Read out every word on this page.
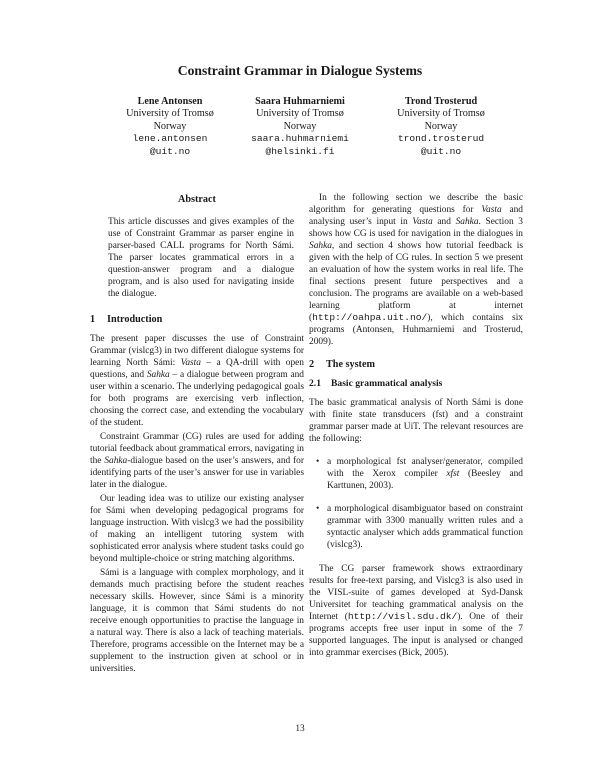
Constraint Grammar in Dialogue Systems
Lene Antonsen
University of Tromsø
Norway
lene.antonsen
@uit.no
Saara Huhmarniemi
University of Tromsø
Norway
saara.huhmarniemi
@helsinki.fi
Trond Trosterud
University of Tromsø
Norway
trond.trosterud
@uit.no
Abstract
This article discusses and gives examples of the use of Constraint Grammar as parser engine in parser-based CALL programs for North Sámi. The parser locates grammatical errors in a question-answer program and a dialogue program, and is also used for navigating inside the dialogue.
1 Introduction

The present paper discusses the use of Constraint Grammar (vislcg3) in two different dialogue systems for learning North Sámi: Vasta – a QA-drill with open questions, and Sahka – a dialogue between program and user within a scenario. The underlying pedagogical goals for both programs are exercising verb inflection, choosing the correct case, and extending the vocabulary of the student.

Constraint Grammar (CG) rules are used for adding tutorial feedback about grammatical errors, navigating in the Sahka-dialogue based on the user’s answers, and for identifying parts of the user’s answer for use in variables later in the dialogue.

Our leading idea was to utilize our existing analyser for Sámi when developing pedagogical programs for language instruction. With vislcg3 we had the possibility of making an intelligent tutoring system with sophisticated error analysis where student tasks could go beyond multiple-choice or string matching algorithms.

Sámi is a language with complex morphology, and it demands much practising before the student reaches necessary skills. However, since Sámi is a minority language, it is common that Sámi students do not receive enough opportunities to practise the language in a natural way. There is also a lack of teaching materials. Therefore, programs accessible on the Internet may be a supplement to the instruction given at school or in universities.

In the following section we describe the basic algorithm for generating questions for Vasta and analysing user’s input in Vasta and Sahka. Section 3 shows how CG is used for navigation in the dialogues in Sahka, and section 4 shows how tutorial feedback is given with the help of CG rules. In section 5 we present an evaluation of how the system works in real life. The final sections present future perspectives and a conclusion. The programs are available on a web-based learning platform at internet (http://oahpa.uit.no/), which contains six programs (Antonsen, Huhmarniemi and Trosterud, 2009).

2 The system
2.1 Basic grammatical analysis

The basic grammatical analysis of North Sámi is done with finite state transducers (fst) and a constraint grammar parser made at UiT. The relevant resources are the following:

• a morphological fst analyser/generator, compiled with the Xerox compiler xfst (Beesley and Karttunen, 2003).
• a morphological disambiguator based on constraint grammar with 3300 manually written rules and a syntactic analyser which adds grammatical function (vislcg3).

The CG parser framework shows extraordinary results for free-text parsing, and Vislcg3 is also used in the VISL-suite of games developed at Syd-Dansk Universitet for teaching grammatical analysis on the Internet (http://visl.sdu.dk/). One of their programs accepts free user input in some of the 7 supported languages. The input is analysed or changed into grammar exercises (Bick, 2005).

13
